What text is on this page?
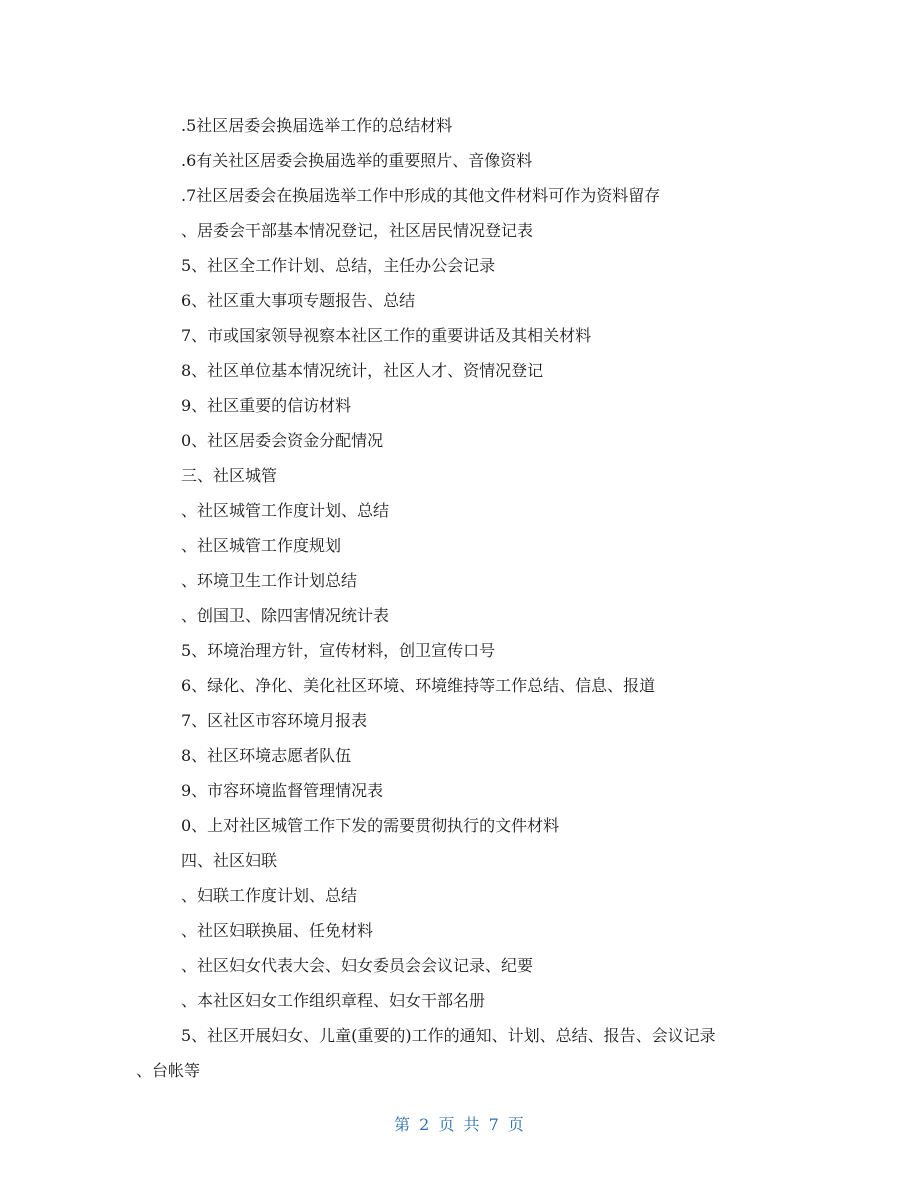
.5社区居委会换届选举工作的总结材料
.6有关社区居委会换届选举的重要照片、音像资料
.7社区居委会在换届选举工作中形成的其他文件材料可作为资料留存
、居委会干部基本情况登记，社区居民情况登记表
5、社区全工作计划、总结，主任办公会记录
6、社区重大事项专题报告、总结
7、市或国家领导视察本社区工作的重要讲话及其相关材料
8、社区单位基本情况统计，社区人才、资情况登记
9、社区重要的信访材料
0、社区居委会资金分配情况
三、社区城管
、社区城管工作度计划、总结
、社区城管工作度规划
、环境卫生工作计划总结
、创国卫、除四害情况统计表
5、环境治理方针，宣传材料，创卫宣传口号
6、绿化、净化、美化社区环境、环境维持等工作总结、信息、报道
7、区社区市容环境月报表
8、社区环境志愿者队伍
9、市容环境监督管理情况表
0、上对社区城管工作下发的需要贯彻执行的文件材料
四、社区妇联
、妇联工作度计划、总结
、社区妇联换届、任免材料
、社区妇女代表大会、妇女委员会会议记录、纪要
、本社区妇女工作组织章程、妇女干部名册
5、社区开展妇女、儿童(重要的)工作的通知、计划、总结、报告、会议记录
、台帐等
第 2 页 共 7 页
